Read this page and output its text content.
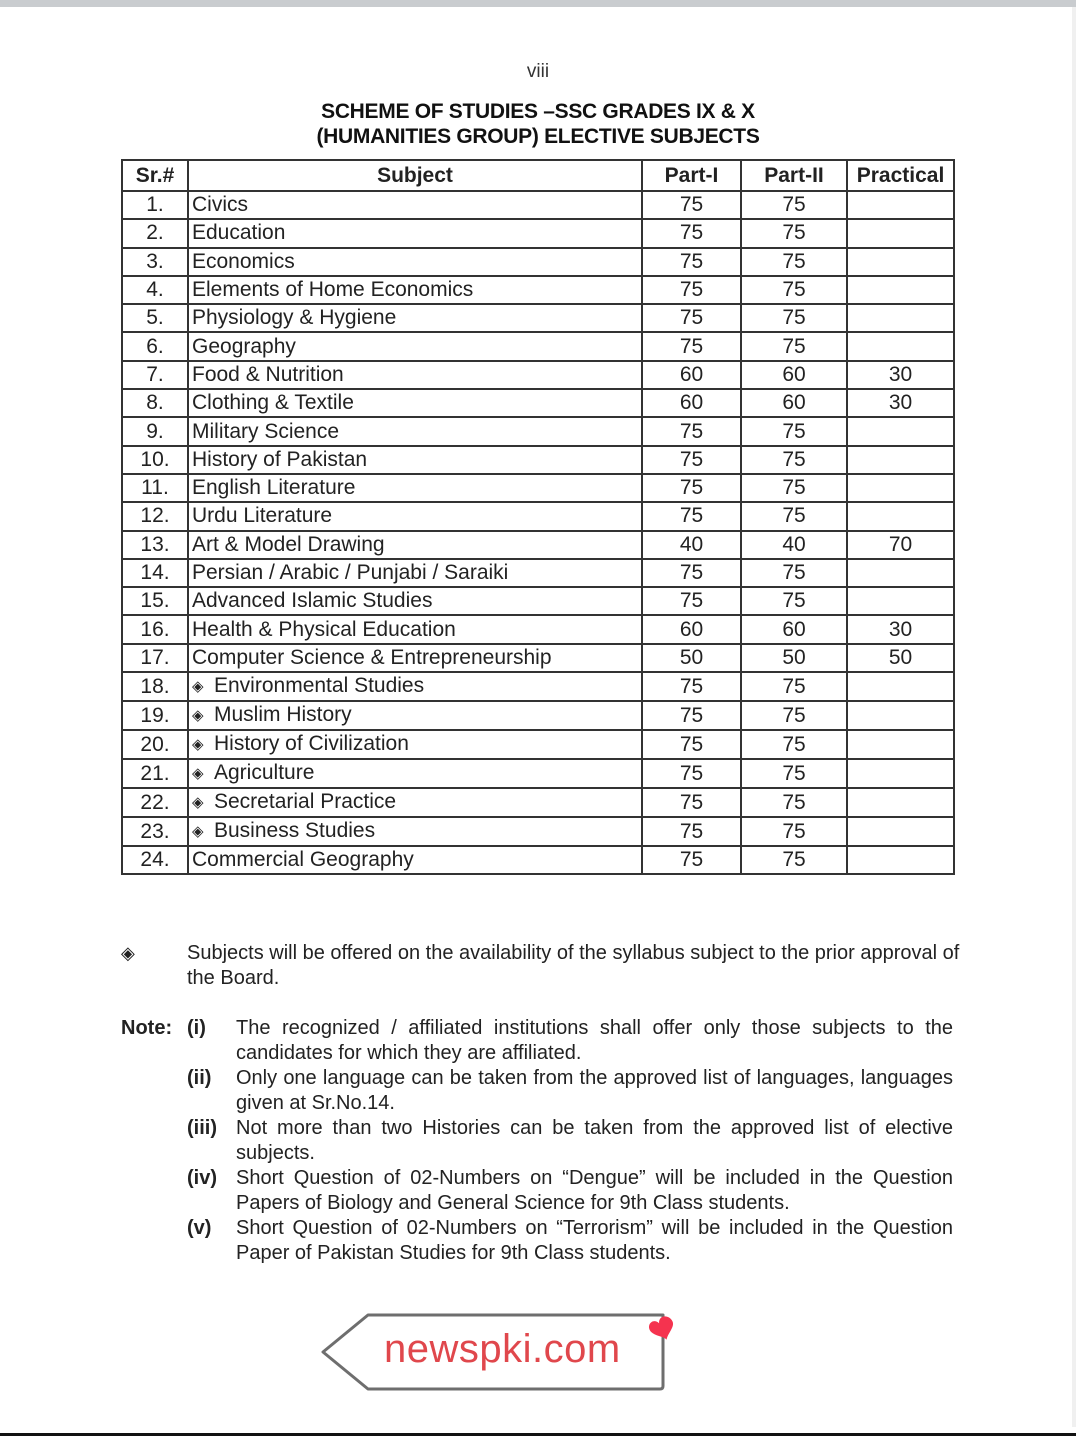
viii
SCHEME OF STUDIES –SSC GRADES IX & X
(HUMANITIES GROUP) ELECTIVE SUBJECTS
Sr.#	Subject	Part-I	Part-II	Practical
1.	Civics	75	75	
2.	Education	75	75	
3.	Economics	75	75	
4.	Elements of Home Economics	75	75	
5.	Physiology & Hygiene	75	75	
6.	Geography	75	75	
7.	Food & Nutrition	60	60	30
8.	Clothing & Textile	60	60	30
9.	Military Science	75	75	
10.	History of Pakistan	75	75	
11.	English Literature	75	75	
12.	Urdu Literature	75	75	
13.	Art & Model Drawing	40	40	70
14.	Persian / Arabic / Punjabi / Saraiki	75	75	
15.	Advanced Islamic Studies	75	75	
16.	Health & Physical Education	60	60	30
17.	Computer Science & Entrepreneurship	50	50	50
18.	◈ Environmental Studies	75	75	
19.	◈ Muslim History	75	75	
20.	◈ History of Civilization	75	75	
21.	◈ Agriculture	75	75	
22.	◈ Secretarial Practice	75	75	
23.	◈ Business Studies	75	75	
24.	Commercial Geography	75	75	
◈	Subjects will be offered on the availability of the syllabus subject to the prior approval of the Board.
Note: (i) The recognized / affiliated institutions shall offer only those subjects to the candidates for which they are affiliated.
(ii) Only one language can be taken from the approved list of languages, languages given at Sr.No.14.
(iii) Not more than two Histories can be taken from the approved list of elective subjects.
(iv) Short Question of 02-Numbers on “Dengue” will be included in the Question Papers of Biology and General Science for 9th Class students.
(v) Short Question of 02-Numbers on “Terrorism” will be included in the Question Paper of Pakistan Studies for 9th Class students.
newspki.com
